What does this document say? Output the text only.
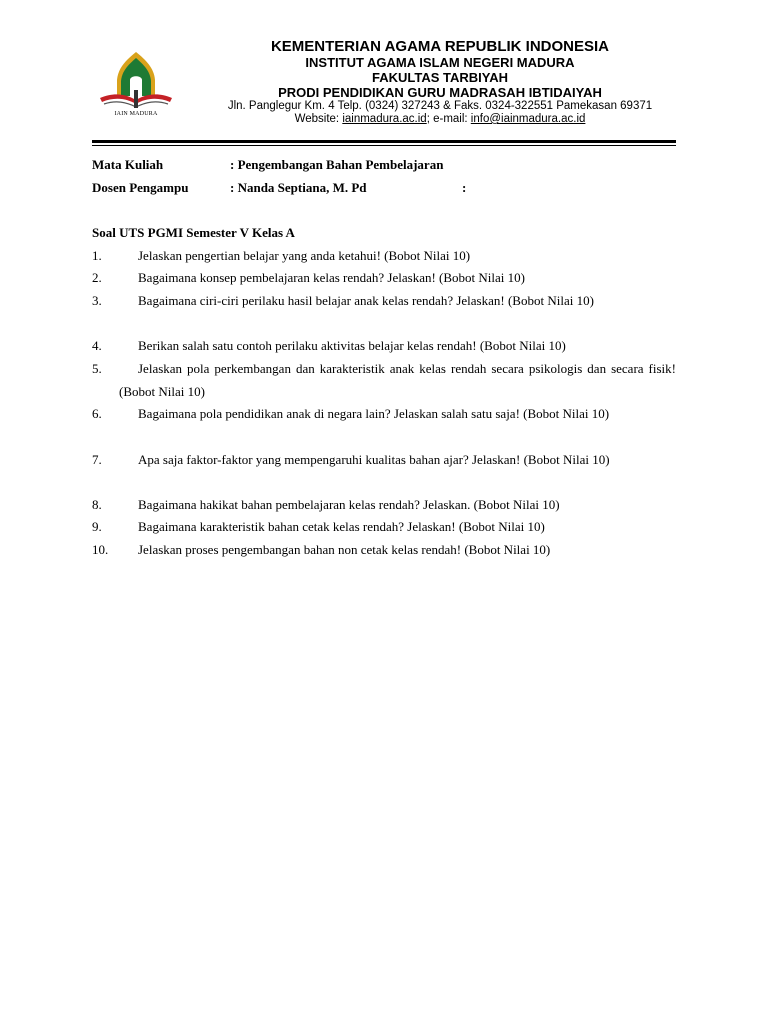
IAIN MADURA
KEMENTERIAN AGAMA REPUBLIK INDONESIA
INSTITUT AGAMA ISLAM NEGERI MADURA
FAKULTAS TARBIYAH
PRODI PENDIDIKAN GURU MADRASAH IBTIDAIYAH
Jln. Panglegur Km. 4 Telp. (0324) 327243 & Faks. 0324-322551 Pamekasan 69371
Website: iainmadura.ac.id; e-mail: info@iainmadura.ac.id
Mata Kuliah	: Pengembangan Bahan Pembelajaran
Dosen Pengampu	: Nanda Septiana, M. Pd	:
Soal UTS PGMI Semester V Kelas A
1.	Jelaskan pengertian belajar yang anda ketahui! (Bobot Nilai 10)
2.	Bagaimana konsep pembelajaran kelas rendah? Jelaskan! (Bobot Nilai 10)
3.	Bagaimana ciri-ciri perilaku hasil belajar anak kelas rendah? Jelaskan! (Bobot Nilai 10)
4.	Berikan salah satu contoh perilaku aktivitas belajar kelas rendah! (Bobot Nilai 10)
5.	Jelaskan pola perkembangan dan karakteristik anak kelas rendah secara psikologis dan secara fisik! (Bobot Nilai 10)
6.	Bagaimana pola pendidikan anak di negara lain? Jelaskan salah satu saja! (Bobot Nilai 10)
7.	Apa saja faktor-faktor yang mempengaruhi kualitas bahan ajar? Jelaskan! (Bobot Nilai 10)
8.	Bagaimana hakikat bahan pembelajaran kelas rendah? Jelaskan. (Bobot Nilai 10)
9.	Bagaimana karakteristik bahan cetak kelas rendah? Jelaskan! (Bobot Nilai 10)
10.	Jelaskan proses pengembangan bahan non cetak kelas rendah! (Bobot Nilai 10)
